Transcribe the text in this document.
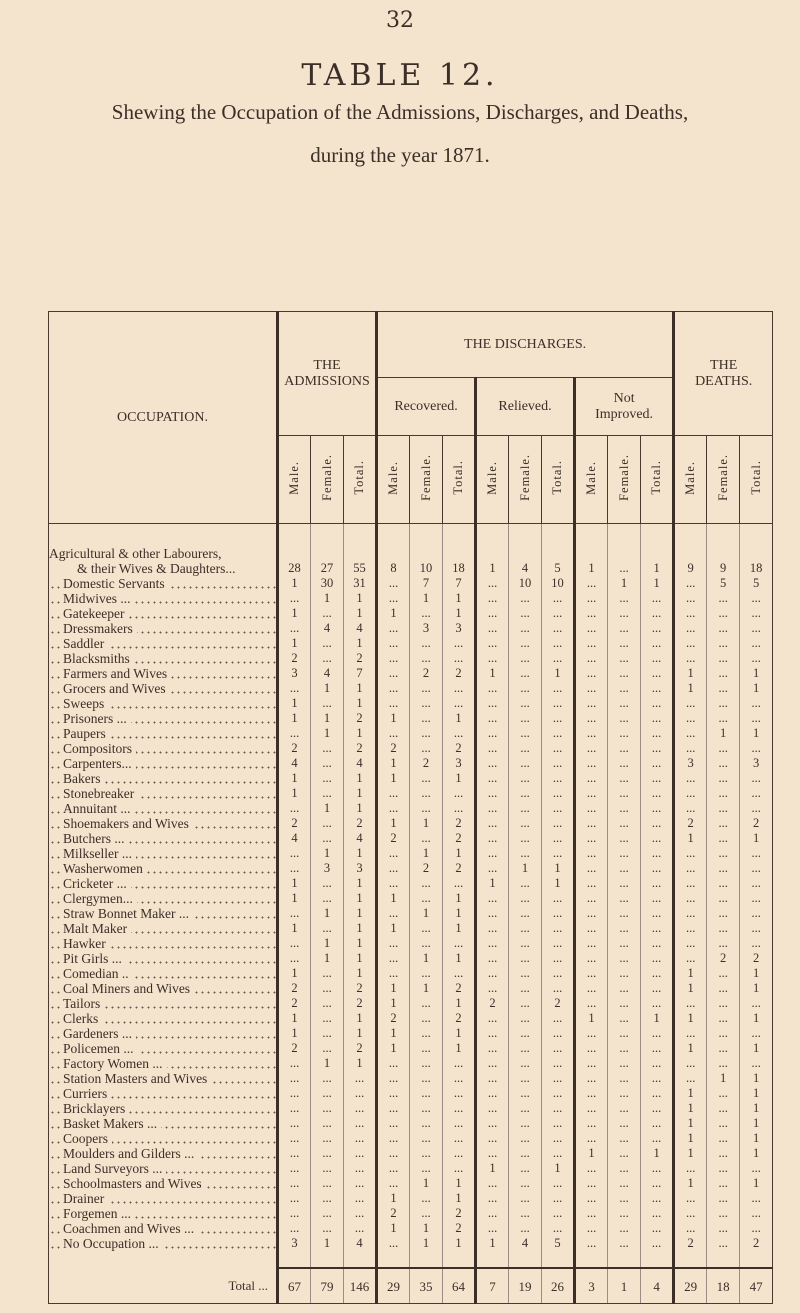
32
TABLE 12.
Shewing the Occupation of the Admissions, Discharges, and Deaths,
during the year 1871.
OCCUPATION.	THE
ADMISSIONS			THE DISCHARGES.									THE
DEATHS.		
				Recovered.			Relieved.			Not
Improved.					
	Male.	Female.	Total.	Male.	Female.	Total.	Male.	Female.	Total.	Male.	Female.	Total.	Male.	Female.	Total.

Agricultural & other Labourers,
& their Wives & Daughters...	28	27	55	8	10	18	1	4	5	1	...	1	9	9	18
Domestic Servants	1	30	31	...	7	7	...	10	10	...	1	1	...	5	5
Midwives ...	...	1	1	...	1	1	...	...	...	...	...	...	...	...	...
Gatekeeper	1	...	1	1	...	1	...	...	...	...	...	...	...	...	...
Dressmakers	...	4	4	...	3	3	...	...	...	...	...	...	...	...	...
Saddler	1	...	1	...	...	...	...	...	...	...	...	...	...	...	...
Blacksmiths	2	...	2	...	...	...	...	...	...	...	...	...	...	...	...
Farmers and Wives	3	4	7	...	2	2	1	...	1	...	...	...	1	...	1
Grocers and Wives	...	1	1	...	...	...	...	...	...	...	...	...	1	...	1
Sweeps	1	...	1	...	...	...	...	...	...	...	...	...	...	...	...
Prisoners ...	1	1	2	1	...	1	...	...	...	...	...	...	...	...	...
Paupers	...	1	1	...	...	...	...	...	...	...	...	...	...	1	1
Compositors	2	...	2	2	...	2	...	...	...	...	...	...	...	...	...
Carpenters...	4	...	4	1	2	3	...	...	...	...	...	...	3	...	3
Bakers	1	...	1	1	...	1	...	...	...	...	...	...	...	...	...
Stonebreaker	1	...	1	...	...	...	...	...	...	...	...	...	...	...	...
Annuitant ...	...	1	1	...	...	...	...	...	...	...	...	...	...	...	...
Shoemakers and Wives	2	...	2	1	1	2	...	...	...	...	...	...	2	...	2
Butchers ...	4	...	4	2	...	2	...	...	...	...	...	...	1	...	1
Milkseller ...	...	1	1	...	1	1	...	...	...	...	...	...	...	...	...
Washerwomen	...	3	3	...	2	2	...	1	1	...	...	...	...	...	...
Cricketer ...	1	...	1	...	...	...	1	...	1	...	...	...	...	...	...
Clergymen...	1	...	1	1	...	1	...	...	...	...	...	...	...	...	...
Straw Bonnet Maker ...	...	1	1	...	1	1	...	...	...	...	...	...	...	...	...
Malt Maker	1	...	1	1	...	1	...	...	...	...	...	...	...	...	...
Hawker	...	1	1	...	...	...	...	...	...	...	...	...	...	...	...
Pit Girls ...	...	1	1	...	1	1	...	...	...	...	...	...	...	2	2
Comedian ..	1	...	1	...	...	...	...	...	...	...	...	...	1	...	1
Coal Miners and Wives	2	...	2	1	1	2	...	...	...	...	...	...	1	...	1
Tailors	2	...	2	1	...	1	2	...	2	...	...	...	...	...	...
Clerks	1	...	1	2	...	2	...	...	...	1	...	1	1	...	1
Gardeners ...	1	...	1	1	...	1	...	...	...	...	...	...	...	...	...
Policemen ...	2	...	2	1	...	1	...	...	...	...	...	...	1	...	1
Factory Women ...	...	1	1	...	...	...	...	...	...	...	...	...	...	...	...
Station Masters and Wives	...	...	...	...	...	...	...	...	...	...	...	...	...	1	1
Curriers	...	...	...	...	...	...	...	...	...	...	...	...	1	...	1
Bricklayers	...	...	...	...	...	...	...	...	...	...	...	...	1	...	1
Basket Makers ...	...	...	...	...	...	...	...	...	...	...	...	...	1	...	1
Coopers	...	...	...	...	...	...	...	...	...	...	...	...	1	...	1
Moulders and Gilders ...	...	...	...	...	...	...	...	...	...	1	...	1	1	...	1
Land Surveyors ...	...	...	...	...	...	...	1	...	1	...	...	...	...	...	...
Schoolmasters and Wives	...	...	...	...	1	1	...	...	...	...	...	...	1	...	1
Drainer	...	...	...	1	...	1	...	...	...	...	...	...	...	...	...
Forgemen ...	...	...	...	2	...	2	...	...	...	...	...	...	...	...	...
Coachmen and Wives ...	...	...	...	1	1	2	...	...	...	...	...	...	...	...	...
No Occupation ...	3	1	4	...	1	1	1	4	5	...	...	...	2	...	2

Total ...	67	79	146	29	35	64	7	19	26	3	1	4	29	18	47
